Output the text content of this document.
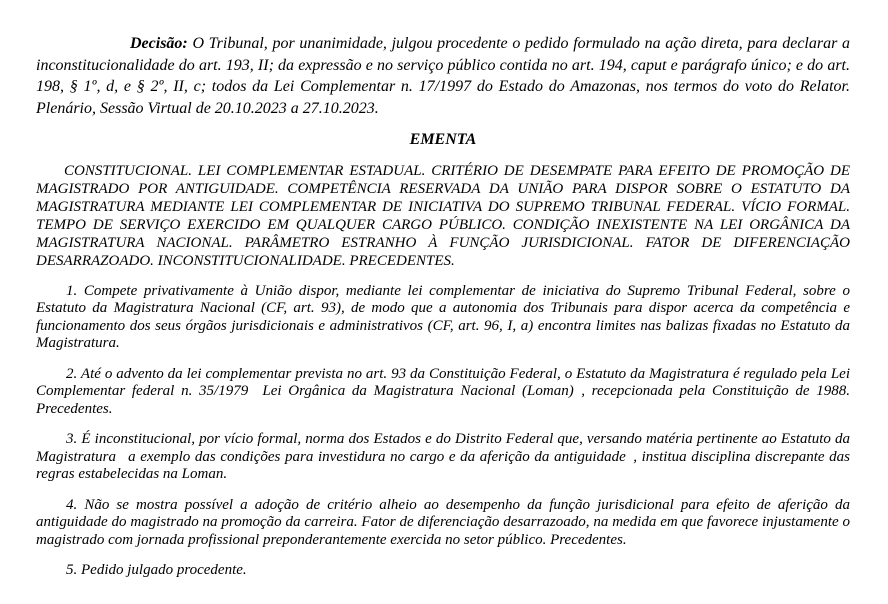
Decisão: O Tribunal, por unanimidade, julgou procedente o pedido formulado na ação direta, para declarar a inconstitucionalidade do art. 193, II; da expressão e no serviço público contida no art. 194, caput e parágrafo único; e do art. 198, § 1º, d, e § 2º, II, c; todos da Lei Complementar n. 17/1997 do Estado do Amazonas, nos termos do voto do Relator. Plenário, Sessão Virtual de 20.10.2023 a 27.10.2023.

EMENTA

CONSTITUCIONAL. LEI COMPLEMENTAR ESTADUAL. CRITÉRIO DE DESEMPATE PARA EFEITO DE PROMOÇÃO DE MAGISTRADO POR ANTIGUIDADE. COMPETÊNCIA RESERVADA DA UNIÃO PARA DISPOR SOBRE O ESTATUTO DA MAGISTRATURA MEDIANTE LEI COMPLEMENTAR DE INICIATIVA DO SUPREMO TRIBUNAL FEDERAL. VÍCIO FORMAL. TEMPO DE SERVIÇO EXERCIDO EM QUALQUER CARGO PÚBLICO. CONDIÇÃO INEXISTENTE NA LEI ORGÂNICA DA MAGISTRATURA NACIONAL. PARÂMETRO ESTRANHO À FUNÇÃO JURISDICIONAL. FATOR DE DIFERENCIAÇÃO DESARRAZOADO. INCONSTITUCIONALIDADE. PRECEDENTES.

1. Compete privativamente à União dispor, mediante lei complementar de iniciativa do Supremo Tribunal Federal, sobre o Estatuto da Magistratura Nacional (CF, art. 93), de modo que a autonomia dos Tribunais para dispor acerca da competência e funcionamento dos seus órgãos jurisdicionais e administrativos (CF, art. 96, I, a) encontra limites nas balizas fixadas no Estatuto da Magistratura.

2. Até o advento da lei complementar prevista no art. 93 da Constituição Federal, o Estatuto da Magistratura é regulado pela Lei Complementar federal n. 35/1979  Lei Orgânica da Magistratura Nacional (Loman) , recepcionada pela Constituição de 1988. Precedentes.

3. É inconstitucional, por vício formal, norma dos Estados e do Distrito Federal que, versando matéria pertinente ao Estatuto da Magistratura  a exemplo das condições para investidura no cargo e da aferição da antiguidade , institua disciplina discrepante das regras estabelecidas na Loman.

4. Não se mostra possível a adoção de critério alheio ao desempenho da função jurisdicional para efeito de aferição da antiguidade do magistrado na promoção da carreira. Fator de diferenciação desarrazoado, na medida em que favorece injustamente o magistrado com jornada profissional preponderantemente exercida no setor público. Precedentes.

5. Pedido julgado procedente.
